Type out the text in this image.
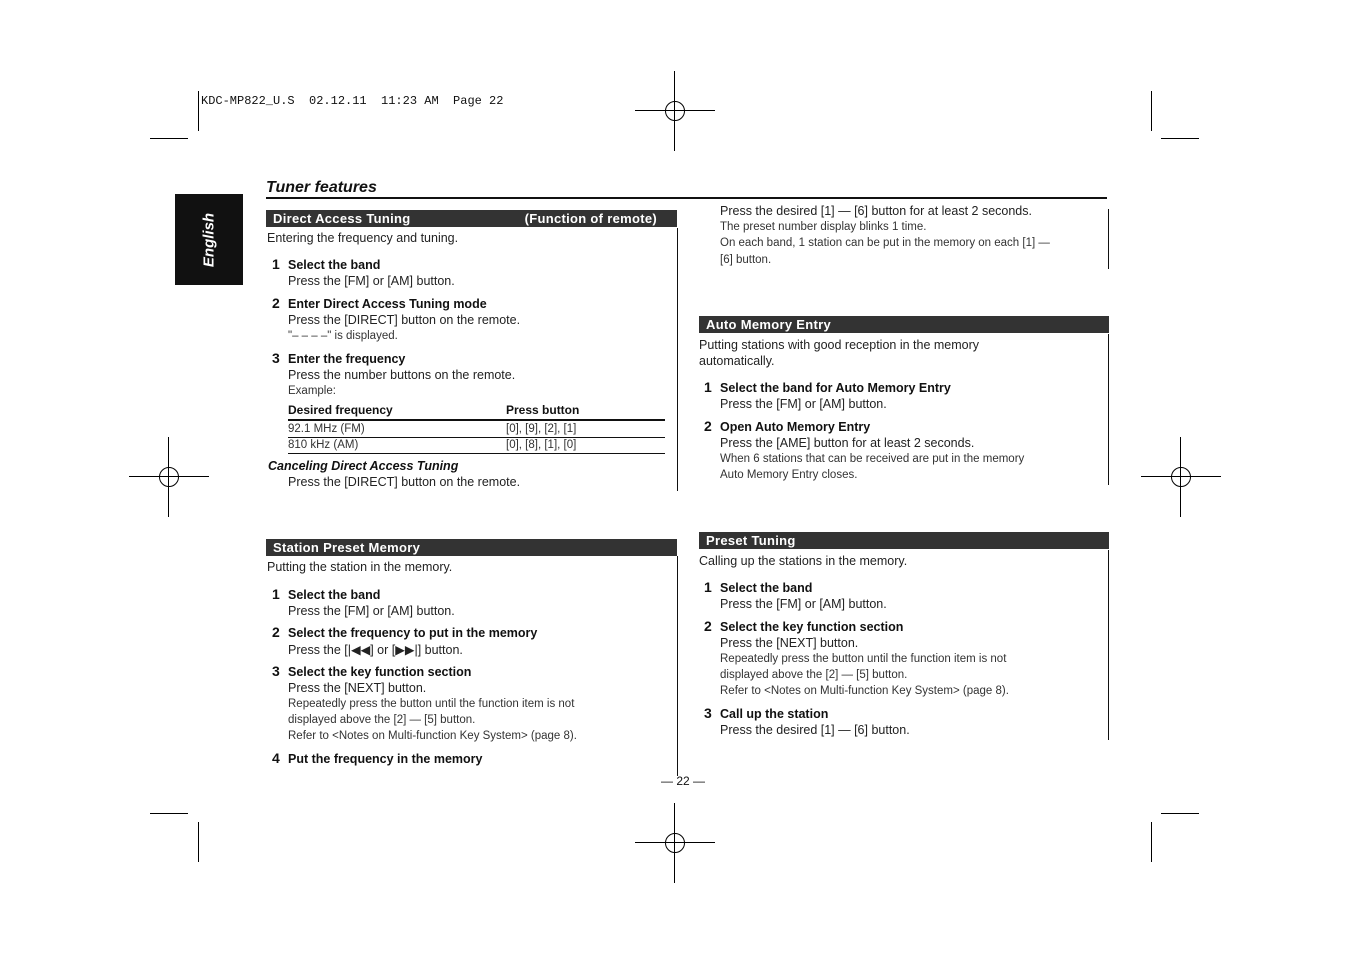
KDC-MP822_U.S  02.12.11  11:23 AM  Page 22
English
Tuner features
Direct Access Tuning	(Function of remote)
Entering the frequency and tuning.
1 Select the band
Press the [FM] or [AM] button.
2 Enter Direct Access Tuning mode
Press the [DIRECT] button on the remote.
"– – – –" is displayed.
3 Enter the frequency
Press the number buttons on the remote.
Example:
Desired frequency	Press button
92.1 MHz (FM)	[0], [9], [2], [1]
810 kHz (AM)	[0], [8], [1], [0]
Canceling Direct Access Tuning
Press the [DIRECT] button on the remote.
Station Preset Memory
Putting the station in the memory.
1 Select the band
Press the [FM] or [AM] button.
2 Select the frequency to put in the memory
Press the [|◀◀] or [▶▶|] button.
3 Select the key function section
Press the [NEXT] button.
Repeatedly press the button until the function item is not
displayed above the [2] — [5] button.
Refer to <Notes on Multi-function Key System> (page 8).
4 Put the frequency in the memory
— 22 —
Press the desired [1] — [6] button for at least 2 seconds.
The preset number display blinks 1 time.
On each band, 1 station can be put in the memory on each [1] —
[6] button.
Auto Memory Entry
Putting stations with good reception in the memory
automatically.
1 Select the band for Auto Memory Entry
Press the [FM] or [AM] button.
2 Open Auto Memory Entry
Press the [AME] button for at least 2 seconds.
When 6 stations that can be received are put in the memory
Auto Memory Entry closes.
Preset Tuning
Calling up the stations in the memory.
1 Select the band
Press the [FM] or [AM] button.
2 Select the key function section
Press the [NEXT] button.
Repeatedly press the button until the function item is not
displayed above the [2] — [5] button.
Refer to <Notes on Multi-function Key System> (page 8).
3 Call up the station
Press the desired [1] — [6] button.
